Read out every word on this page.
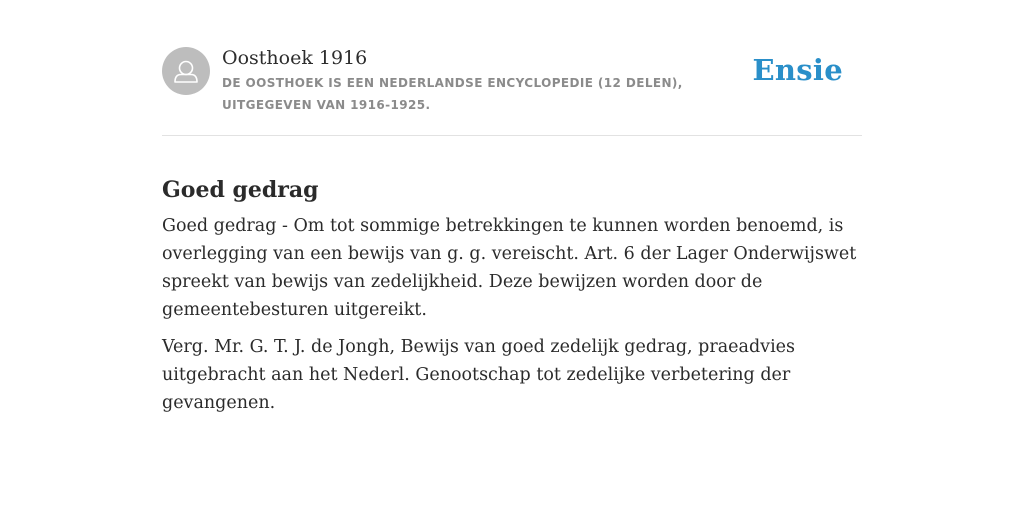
Oosthoek 1916
DE OOSTHOEK IS EEN NEDERLANDSE ENCYCLOPEDIE (12 DELEN), UITGEGEVEN VAN 1916-1925.
Ensie
Goed gedrag

Goed gedrag - Om tot sommige betrekkingen te kunnen worden benoemd, is overlegging van een bewijs van g. g. vereischt. Art. 6 der Lager Onderwijswet spreekt van bewijs van zedelijkheid. Deze bewijzen worden door de gemeentebesturen uitgereikt.

Verg. Mr. G. T. J. de Jongh, Bewijs van goed zedelijk gedrag, praeadvies uitgebracht aan het Nederl. Genootschap tot zedelijke verbetering der gevangenen.
